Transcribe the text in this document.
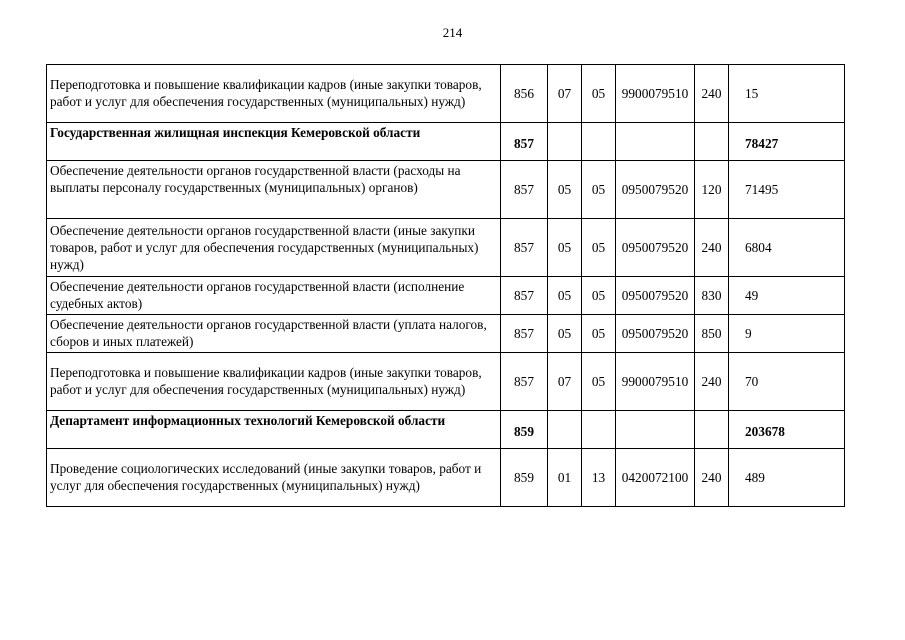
214
Переподготовка и повышение квалификации кадров (иные закупки товаров, работ и услуг для обеспечения государственных (муниципальных) нужд)	856	07	05	9900079510	240	15
Государственная жилищная инспекция Кемеровской области	857					78427
Обеспечение деятельности органов государственной власти (расходы на выплаты персоналу государственных (муниципальных) органов)	857	05	05	0950079520	120	71495
Обеспечение деятельности органов государственной власти (иные закупки товаров, работ и услуг для обеспечения государственных (муниципальных) нужд)	857	05	05	0950079520	240	6804
Обеспечение деятельности органов государственной власти (исполнение судебных актов)	857	05	05	0950079520	830	49
Обеспечение деятельности органов государственной власти (уплата налогов, сборов и иных платежей)	857	05	05	0950079520	850	9
Переподготовка и повышение квалификации кадров (иные закупки товаров, работ и услуг для обеспечения государственных (муниципальных) нужд)	857	07	05	9900079510	240	70
Департамент информационных технологий Кемеровской области	859					203678
Проведение социологических исследований (иные закупки товаров, работ и услуг для обеспечения государственных (муниципальных) нужд)	859	01	13	0420072100	240	489
